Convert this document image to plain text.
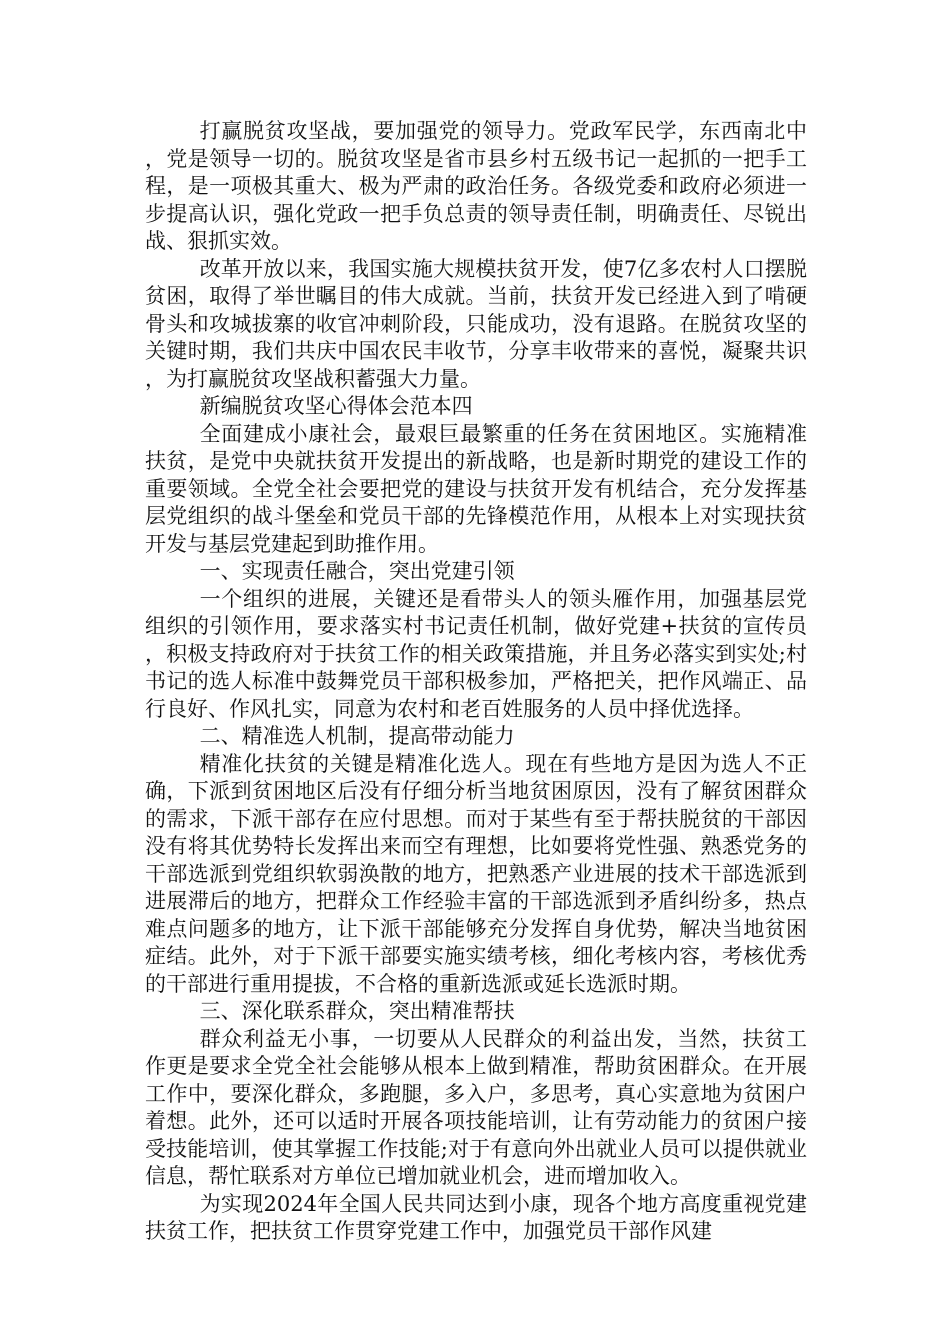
打赢脱贫攻坚战，要加强党的领导力。党政军民学，东西南北中，党是领导一切的。脱贫攻坚是省市县乡村五级书记一起抓的一把手工程，是一项极其重大、极为严肃的政治任务。各级党委和政府必须进一步提高认识，强化党政一把手负总责的领导责任制，明确责任、尽锐出战、狠抓实效。

改革开放以来，我国实施大规模扶贫开发，使7亿多农村人口摆脱贫困，取得了举世瞩目的伟大成就。当前，扶贫开发已经进入到了啃硬骨头和攻城拔寨的收官冲刺阶段，只能成功，没有退路。在脱贫攻坚的关键时期，我们共庆中国农民丰收节，分享丰收带来的喜悦，凝聚共识，为打赢脱贫攻坚战积蓄强大力量。

新编脱贫攻坚心得体会范本四

全面建成小康社会，最艰巨最繁重的任务在贫困地区。实施精准扶贫，是党中央就扶贫开发提出的新战略，也是新时期党的建设工作的重要领域。全党全社会要把党的建设与扶贫开发有机结合，充分发挥基层党组织的战斗堡垒和党员干部的先锋模范作用，从根本上对实现扶贫开发与基层党建起到助推作用。

一、实现责任融合，突出党建引领

一个组织的进展，关键还是看带头人的领头雁作用，加强基层党组织的引领作用，要求落实村书记责任机制，做好党建+扶贫的宣传员，积极支持政府对于扶贫工作的相关政策措施，并且务必落实到实处;村书记的选人标准中鼓舞党员干部积极参加，严格把关，把作风端正、品行良好、作风扎实，同意为农村和老百姓服务的人员中择优选择。

二、精准选人机制，提高带动能力

精准化扶贫的关键是精准化选人。现在有些地方是因为选人不正确，下派到贫困地区后没有仔细分析当地贫困原因，没有了解贫困群众的需求，下派干部存在应付思想。而对于某些有至于帮扶脱贫的干部因没有将其优势特长发挥出来而空有理想，比如要将党性强、熟悉党务的干部选派到党组织软弱涣散的地方，把熟悉产业进展的技术干部选派到进展滞后的地方，把群众工作经验丰富的干部选派到矛盾纠纷多，热点难点问题多的地方，让下派干部能够充分发挥自身优势，解决当地贫困症结。此外，对于下派干部要实施实绩考核，细化考核内容，考核优秀的干部进行重用提拔，不合格的重新选派或延长选派时期。

三、深化联系群众，突出精准帮扶

群众利益无小事，一切要从人民群众的利益出发，当然，扶贫工作更是要求全党全社会能够从根本上做到精准，帮助贫困群众。在开展工作中，要深化群众，多跑腿，多入户，多思考，真心实意地为贫困户着想。此外，还可以适时开展各项技能培训，让有劳动能力的贫困户接受技能培训，使其掌握工作技能;对于有意向外出就业人员可以提供就业信息，帮忙联系对方单位已增加就业机会，进而增加收入。

为实现2024年全国人民共同达到小康，现各个地方高度重视党建扶贫工作，把扶贫工作贯穿党建工作中，加强党员干部作风建
